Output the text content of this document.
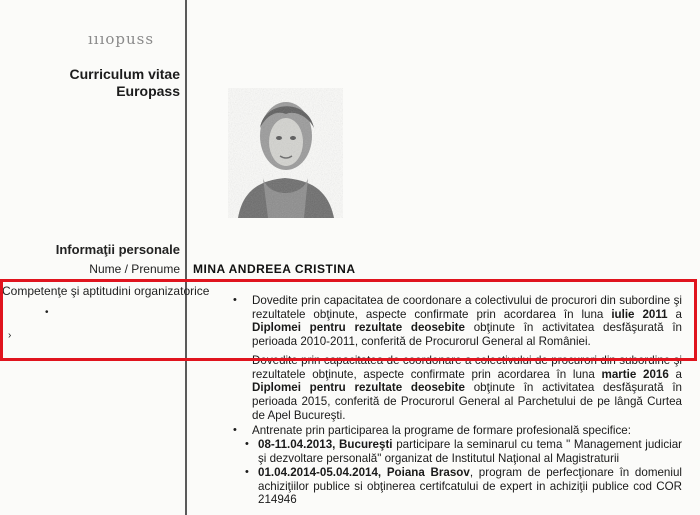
ıııopuss
Curriculum vitae
Europass
Informaţii personale
Nume / Prenume MINA ANDREEA CRISTINA
Competenţe şi aptitudini organizatorice
•
›
•
•
•
Dovedite prin capacitatea de coordonare a colectivului de procurori din subordine şi rezultatele obţinute, aspecte confirmate prin acordarea în luna iulie 2011 a Diplomei pentru rezultate deosebite obţinute în activitatea desfăşurată în perioada 2010-2011, conferită de Procurorul General al României.
Dovedite prin capacitatea de coordonare a colectivului de procurori din subordine şi rezultatele obţinute, aspecte confirmate prin acordarea în luna martie 2016 a Diplomei pentru rezultate deosebite obţinute în activitatea desfăşurată în perioada 2015, conferită de Procurorul General al Parchetului de pe lângă Curtea de Apel Bucureşti.
Antrenate prin participarea la programe de formare profesională specifice:
• 08-11.04.2013, Bucureşti participare la seminarul cu tema " Management judiciar şi dezvoltare personală" organizat de Institutul Naţional al Magistraturii
• 01.04.2014-05.04.2014, Poiana Brasov, program de perfecţionare în domeniul achiziţiilor publice si obţinerea certifcatului de expert in achiziţii publice cod COR 214946
